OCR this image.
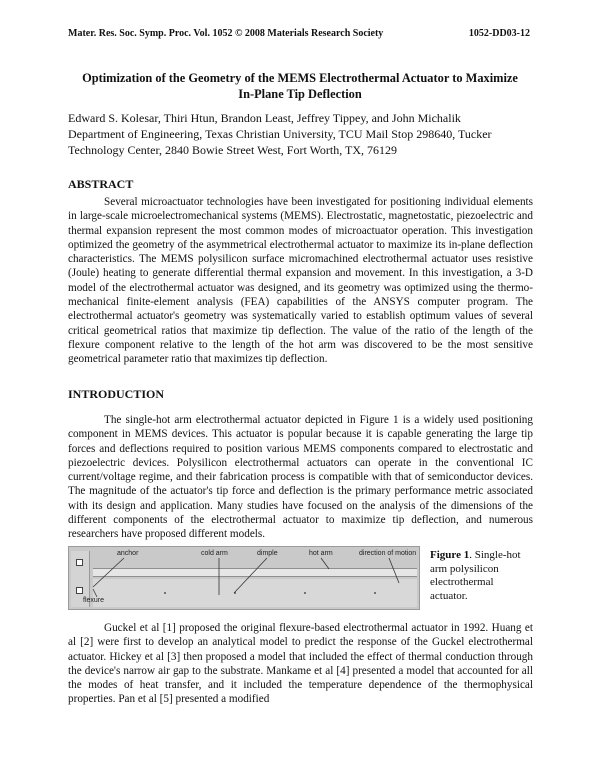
Mater. Res. Soc. Symp. Proc. Vol. 1052 © 2008 Materials Research Society	1052-DD03-12
Optimization of the Geometry of the MEMS Electrothermal Actuator to Maximize In-Plane Tip Deflection
Edward S. Kolesar, Thiri Htun, Brandon Least, Jeffrey Tippey, and John Michalik
Department of Engineering, Texas Christian University, TCU Mail Stop 298640, Tucker Technology Center, 2840 Bowie Street West, Fort Worth, TX, 76129
ABSTRACT
Several microactuator technologies have been investigated for positioning individual elements in large-scale microelectromechanical systems (MEMS). Electrostatic, magnetostatic, piezoelectric and thermal expansion represent the most common modes of microactuator operation. This investigation optimized the geometry of the asymmetrical electrothermal actuator to maximize its in-plane deflection characteristics. The MEMS polysilicon surface micromachined electrothermal actuator uses resistive (Joule) heating to generate differential thermal expansion and movement. In this investigation, a 3-D model of the electrothermal actuator was designed, and its geometry was optimized using the thermo-mechanical finite-element analysis (FEA) capabilities of the ANSYS computer program. The electrothermal actuator's geometry was systematically varied to establish optimum values of several critical geometrical ratios that maximize tip deflection. The value of the ratio of the length of the flexure component relative to the length of the hot arm was discovered to be the most sensitive geometrical parameter ratio that maximizes tip deflection.
INTRODUCTION
The single-hot arm electrothermal actuator depicted in Figure 1 is a widely used positioning component in MEMS devices. This actuator is popular because it is capable generating the large tip forces and deflections required to position various MEMS components compared to electrostatic and piezoelectric devices. Polysilicon electrothermal actuators can operate in the conventional IC current/voltage regime, and their fabrication process is compatible with that of semiconductor devices. The magnitude of the actuator's tip force and deflection is the primary performance metric associated with its design and application. Many studies have focused on the analysis of the dimensions of the different components of the electrothermal actuator to maximize tip deflection, and numerous researchers have proposed different models.
anchor	cold arm	dimple	hot arm	direction of motion
flexure
Figure 1. Single-hot arm polysilicon electrothermal actuator.
Guckel et al [1] proposed the original flexure-based electrothermal actuator in 1992. Huang et al [2] were first to develop an analytical model to predict the response of the Guckel electrothermal actuator. Hickey et al [3] then proposed a model that included the effect of thermal conduction through the device's narrow air gap to the substrate. Mankame et al [4] presented a model that accounted for all the modes of heat transfer, and it included the temperature dependence of the thermophysical properties. Pan et al [5] presented a modified
